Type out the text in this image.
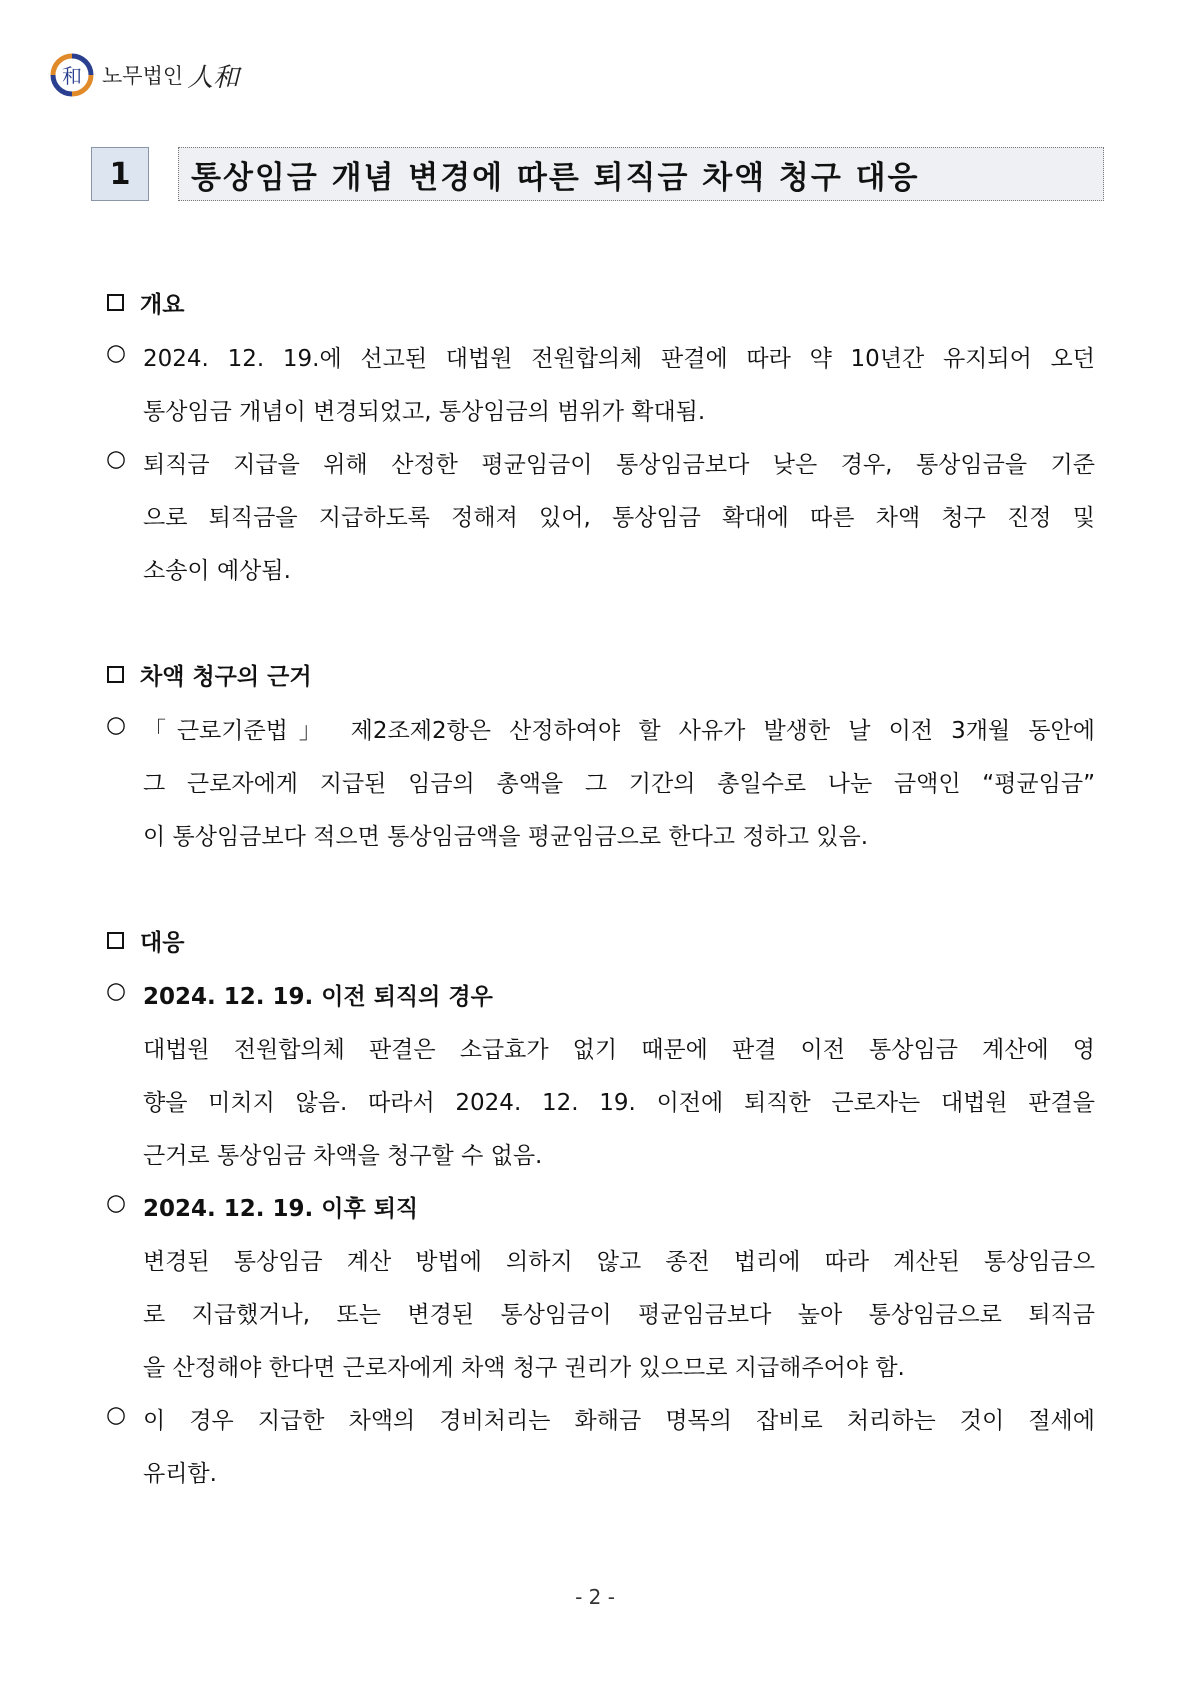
和 노무법인 人和
1	통상임금 개념 변경에 따른 퇴직금 차액 청구 대응
개요
○ 2024. 12. 19.에 선고된 대법원 전원합의체 판결에 따라 약 10년간 유지되어 오던
통상임금 개념이 변경되었고, 통상임금의 범위가 확대됨.
○ 퇴직금 지급을 위해 산정한 평균임금이 통상임금보다 낮은 경우, 통상임금을 기준
으로 퇴직금을 지급하도록 정해져 있어, 통상임금 확대에 따른 차액 청구 진정 및
소송이 예상됨.
차액 청구의 근거
○ 「근로기준법」 제2조제2항은 산정하여야 할 사유가 발생한 날 이전 3개월 동안에
그 근로자에게 지급된 임금의 총액을 그 기간의 총일수로 나눈 금액인 “평균임금”
이 통상임금보다 적으면 통상임금액을 평균임금으로 한다고 정하고 있음.
대응
○ 2024. 12. 19. 이전 퇴직의 경우
대법원 전원합의체 판결은 소급효가 없기 때문에 판결 이전 통상임금 계산에 영
향을 미치지 않음. 따라서 2024. 12. 19. 이전에 퇴직한 근로자는 대법원 판결을
근거로 통상임금 차액을 청구할 수 없음.
○ 2024. 12. 19. 이후 퇴직
변경된 통상임금 계산 방법에 의하지 않고 종전 법리에 따라 계산된 통상임금으
로 지급했거나, 또는 변경된 통상임금이 평균임금보다 높아 통상임금으로 퇴직금
을 산정해야 한다면 근로자에게 차액 청구 권리가 있으므로 지급해주어야 함.
○ 이 경우 지급한 차액의 경비처리는 화해금 명목의 잡비로 처리하는 것이 절세에
유리함.
- 2 -
